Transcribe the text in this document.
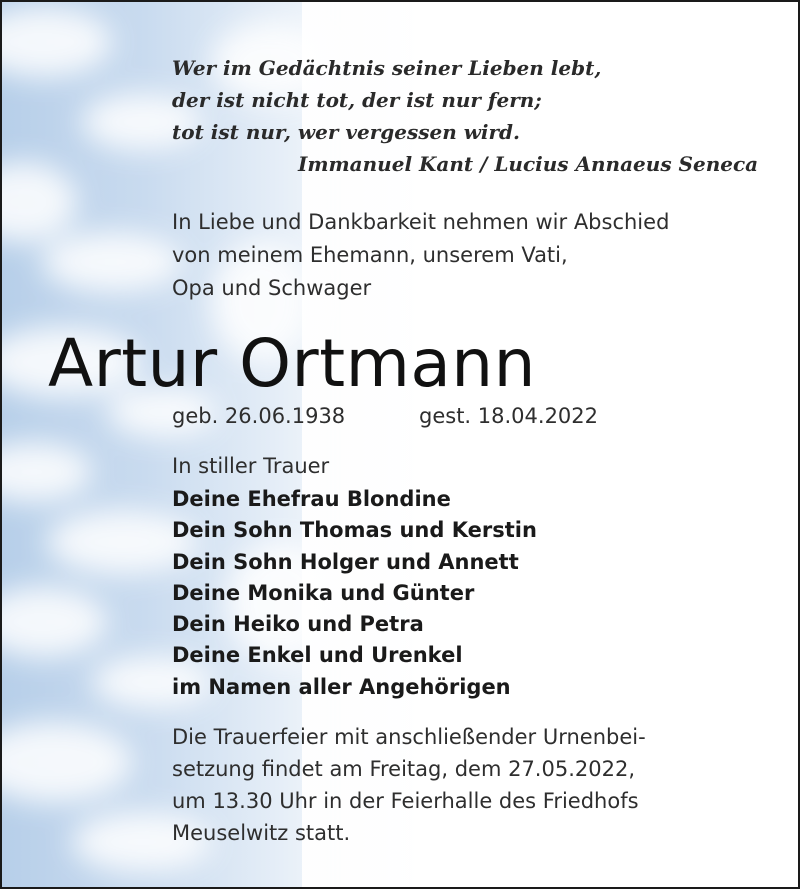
Wer im Gedächtnis seiner Lieben lebt,
der ist nicht tot, der ist nur fern;
tot ist nur, wer vergessen wird.
Immanuel Kant / Lucius Annaeus Seneca
In Liebe und Dankbarkeit nehmen wir Abschied
von meinem Ehemann, unserem Vati,
Opa und Schwager
Artur Ortmann
geb. 26.06.1938	gest. 18.04.2022
In stiller Trauer
Deine Ehefrau Blondine
Dein Sohn Thomas und Kerstin
Dein Sohn Holger und Annett
Deine Monika und Günter
Dein Heiko und Petra
Deine Enkel und Urenkel
im Namen aller Angehörigen
Die Trauerfeier mit anschließender Urnenbei-
setzung findet am Freitag, dem 27.05.2022,
um 13.30 Uhr in der Feierhalle des Friedhofs
Meuselwitz statt.
